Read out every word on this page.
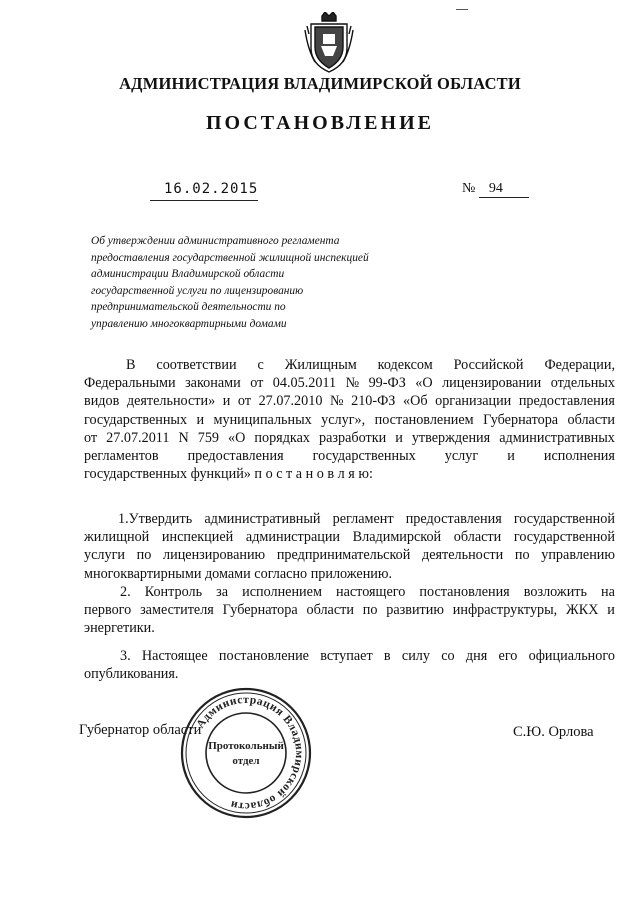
АДМИНИСТРАЦИЯ ВЛАДИМИРСКОЙ ОБЛАСТИ
ПОСТАНОВЛЕНИЕ
16.02.2015	№ 94
Об утверждении административного регламента
предоставления государственной жилищной инспекцией
администрации Владимирской области
государственной услуги по лицензированию
предпринимательской деятельности по
управлению многоквартирными домами
В соответствии с Жилищным кодексом Российской Федерации,
Федеральными законами от 04.05.2011 № 99-ФЗ «О лицензировании отдельных
видов деятельности» и от 27.07.2010 № 210-ФЗ «Об организации предоставления
государственных и муниципальных услуг», постановлением Губернатора области
от 27.07.2011 N 759 «О порядках разработки и утверждения административных
регламентов предоставления государственных услуг и исполнения
государственных функций» п о с т а н о в л я ю:
1.Утвердить административный регламент предоставления государственной
жилищной инспекцией администрации Владимирской области государственной
услуги по лицензированию предпринимательской деятельности по управлению
многоквартирными домами согласно приложению.
2. Контроль за исполнением настоящего постановления возложить на
первого заместителя Губернатора области по развитию инфраструктуры, ЖКХ и
энергетики.
3. Настоящее постановление вступает в силу со дня его официального
опубликования.
Губернатор области	С.Ю. Орлова
Администрация Владимирской области
Протокольный
отдел
